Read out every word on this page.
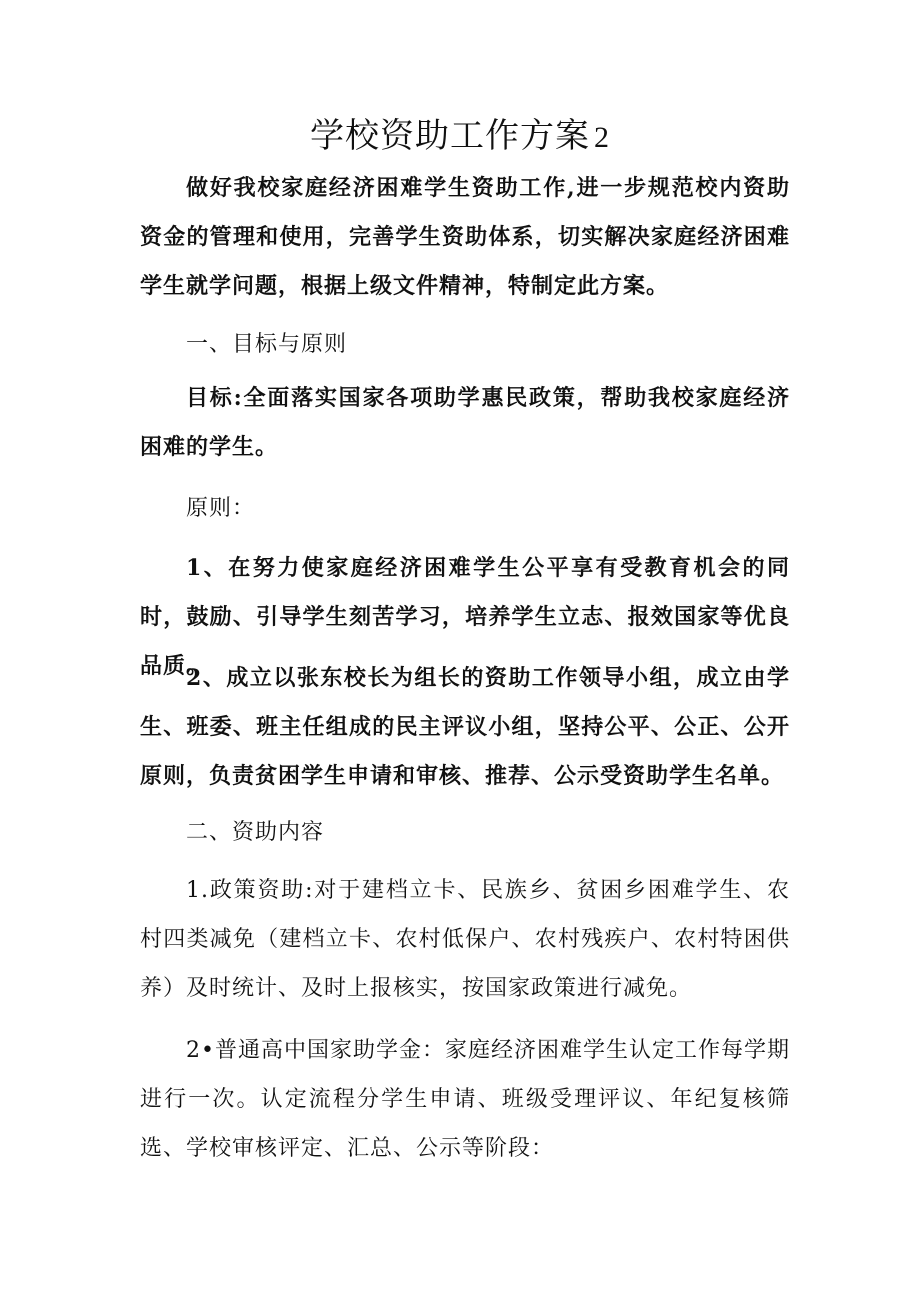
学校资助工作方案 2
做好我校家庭经济困难学生资助工作,进一步规范校内资助资金的管理和使用，完善学生资助体系，切实解决家庭经济困难学生就学问题，根据上级文件精神，特制定此方案。
一、目标与原则
目标:全面落实国家各项助学惠民政策，帮助我校家庭经济困难的学生。
原则：
1、在努力使家庭经济困难学生公平享有受教育机会的同时，鼓励、引导学生刻苦学习，培养学生立志、报效国家等优良品质。
2、成立以张东校长为组长的资助工作领导小组，成立由学生、班委、班主任组成的民主评议小组，坚持公平、公正、公开原则，负责贫困学生申请和审核、推荐、公示受资助学生名单。
二、资助内容
1.政策资助:对于建档立卡、民族乡、贫困乡困难学生、农村四类减免（建档立卡、农村低保户、农村残疾户、农村特困供养）及时统计、及时上报核实，按国家政策进行减免。
2•普通高中国家助学金：家庭经济困难学生认定工作每学期进行一次。认定流程分学生申请、班级受理评议、年纪复核筛选、学校审核评定、汇总、公示等阶段：
